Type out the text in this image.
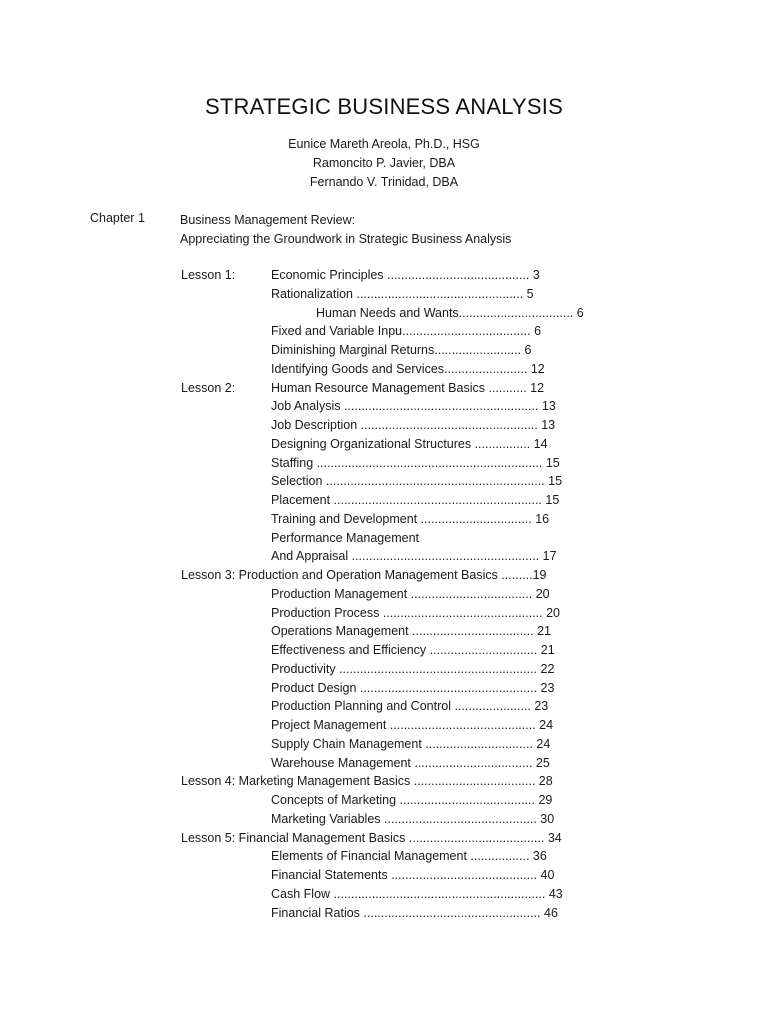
STRATEGIC BUSINESS ANALYSIS
Eunice Mareth Areola, Ph.D., HSG
Ramoncito P. Javier, DBA
Fernando V. Trinidad, DBA
Chapter 1	Business Management Review:
Appreciating the Groundwork in Strategic Business Analysis
Lesson 1:	Economic Principles ......................................... 3
Rationalization ................................................ 5
Human Needs and Wants................................. 6
Fixed and Variable Inpu..................................... 6
Diminishing Marginal Returns......................... 6
Identifying Goods and Services........................ 12
Lesson 2:	Human Resource Management Basics ........... 12
Job Analysis ........................................................ 13
Job Description ................................................... 13
Designing Organizational Structures ................ 14
Staffing ................................................................. 15
Selection ............................................................... 15
Placement ............................................................ 15
Training and Development ................................ 16
Performance Management
And Appraisal ...................................................... 17
Lesson 3: Production and Operation Management Basics .........19
Production Management ................................... 20
Production Process .............................................. 20
Operations Management ................................... 21
Effectiveness and Efficiency ............................... 21
Productivity ......................................................... 22
Product Design ................................................... 23
Production Planning and Control ...................... 23
Project Management .......................................... 24
Supply Chain Management ............................... 24
Warehouse Management .................................. 25
Lesson 4: Marketing Management Basics ................................... 28
Concepts of Marketing ....................................... 29
Marketing Variables ............................................ 30
Lesson 5: Financial Management Basics ....................................... 34
Elements of Financial Management ................. 36
Financial Statements .......................................... 40
Cash Flow ............................................................. 43
Financial Ratios ................................................... 46
